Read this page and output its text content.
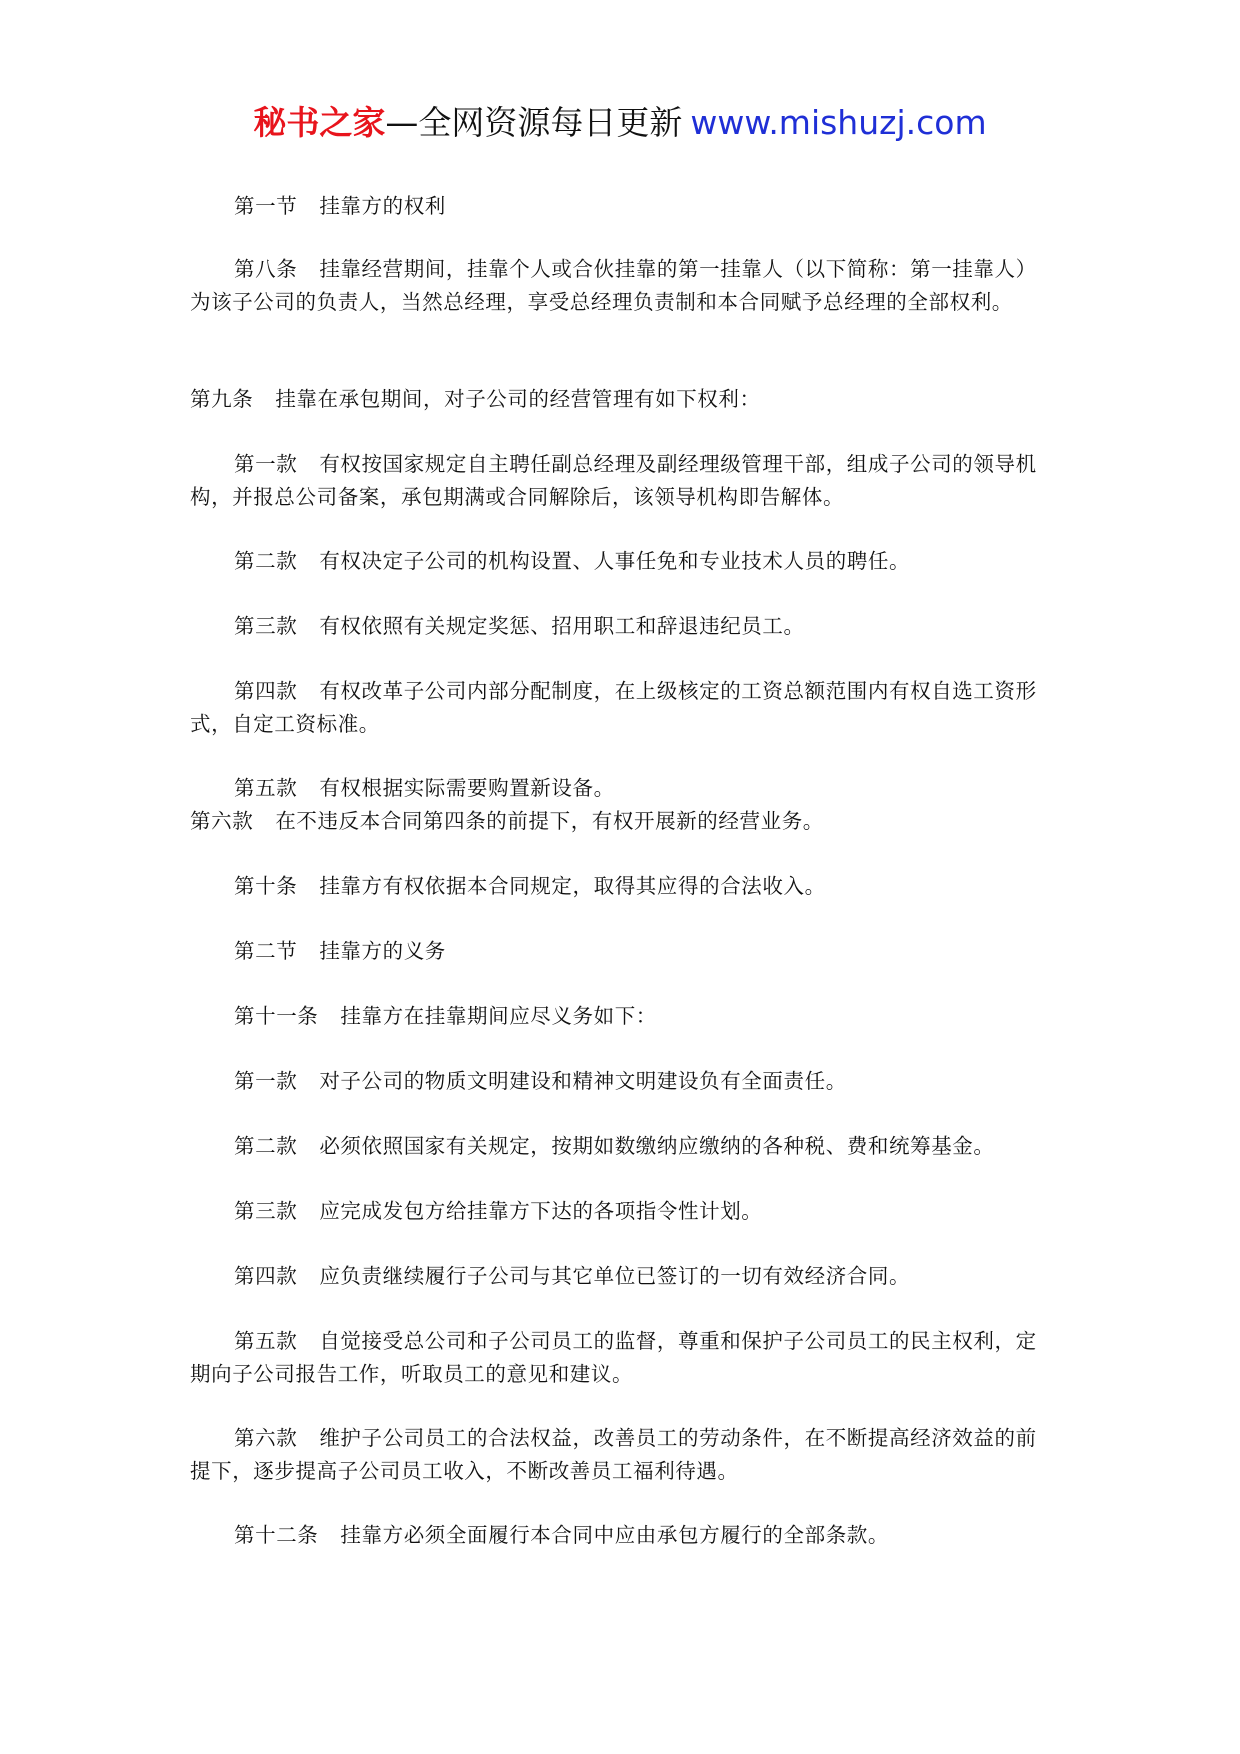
秘书之家—全网资源每日更新 www.mishuzj.com
第一节 挂靠方的权利
第八条 挂靠经营期间，挂靠个人或合伙挂靠的第一挂靠人（以下简称：第一挂靠人）为该子公司的负责人，当然总经理，享受总经理负责制和本合同赋予总经理的全部权利。
第九条 挂靠在承包期间，对子公司的经营管理有如下权利：
第一款 有权按国家规定自主聘任副总经理及副经理级管理干部，组成子公司的领导机构，并报总公司备案，承包期满或合同解除后，该领导机构即告解体。
第二款 有权决定子公司的机构设置、人事任免和专业技术人员的聘任。
第三款 有权依照有关规定奖惩、招用职工和辞退违纪员工。
第四款 有权改革子公司内部分配制度，在上级核定的工资总额范围内有权自选工资形式，自定工资标准。
第五款 有权根据实际需要购置新设备。
第六款 在不违反本合同第四条的前提下，有权开展新的经营业务。
第十条 挂靠方有权依据本合同规定，取得其应得的合法收入。
第二节 挂靠方的义务
第十一条 挂靠方在挂靠期间应尽义务如下：
第一款 对子公司的物质文明建设和精神文明建设负有全面责任。
第二款 必须依照国家有关规定，按期如数缴纳应缴纳的各种税、费和统筹基金。
第三款 应完成发包方给挂靠方下达的各项指令性计划。
第四款 应负责继续履行子公司与其它单位已签订的一切有效经济合同。
第五款 自觉接受总公司和子公司员工的监督，尊重和保护子公司员工的民主权利，定期向子公司报告工作，听取员工的意见和建议。
第六款 维护子公司员工的合法权益，改善员工的劳动条件，在不断提高经济效益的前提下，逐步提高子公司员工收入，不断改善员工福利待遇。
第十二条 挂靠方必须全面履行本合同中应由承包方履行的全部条款。
